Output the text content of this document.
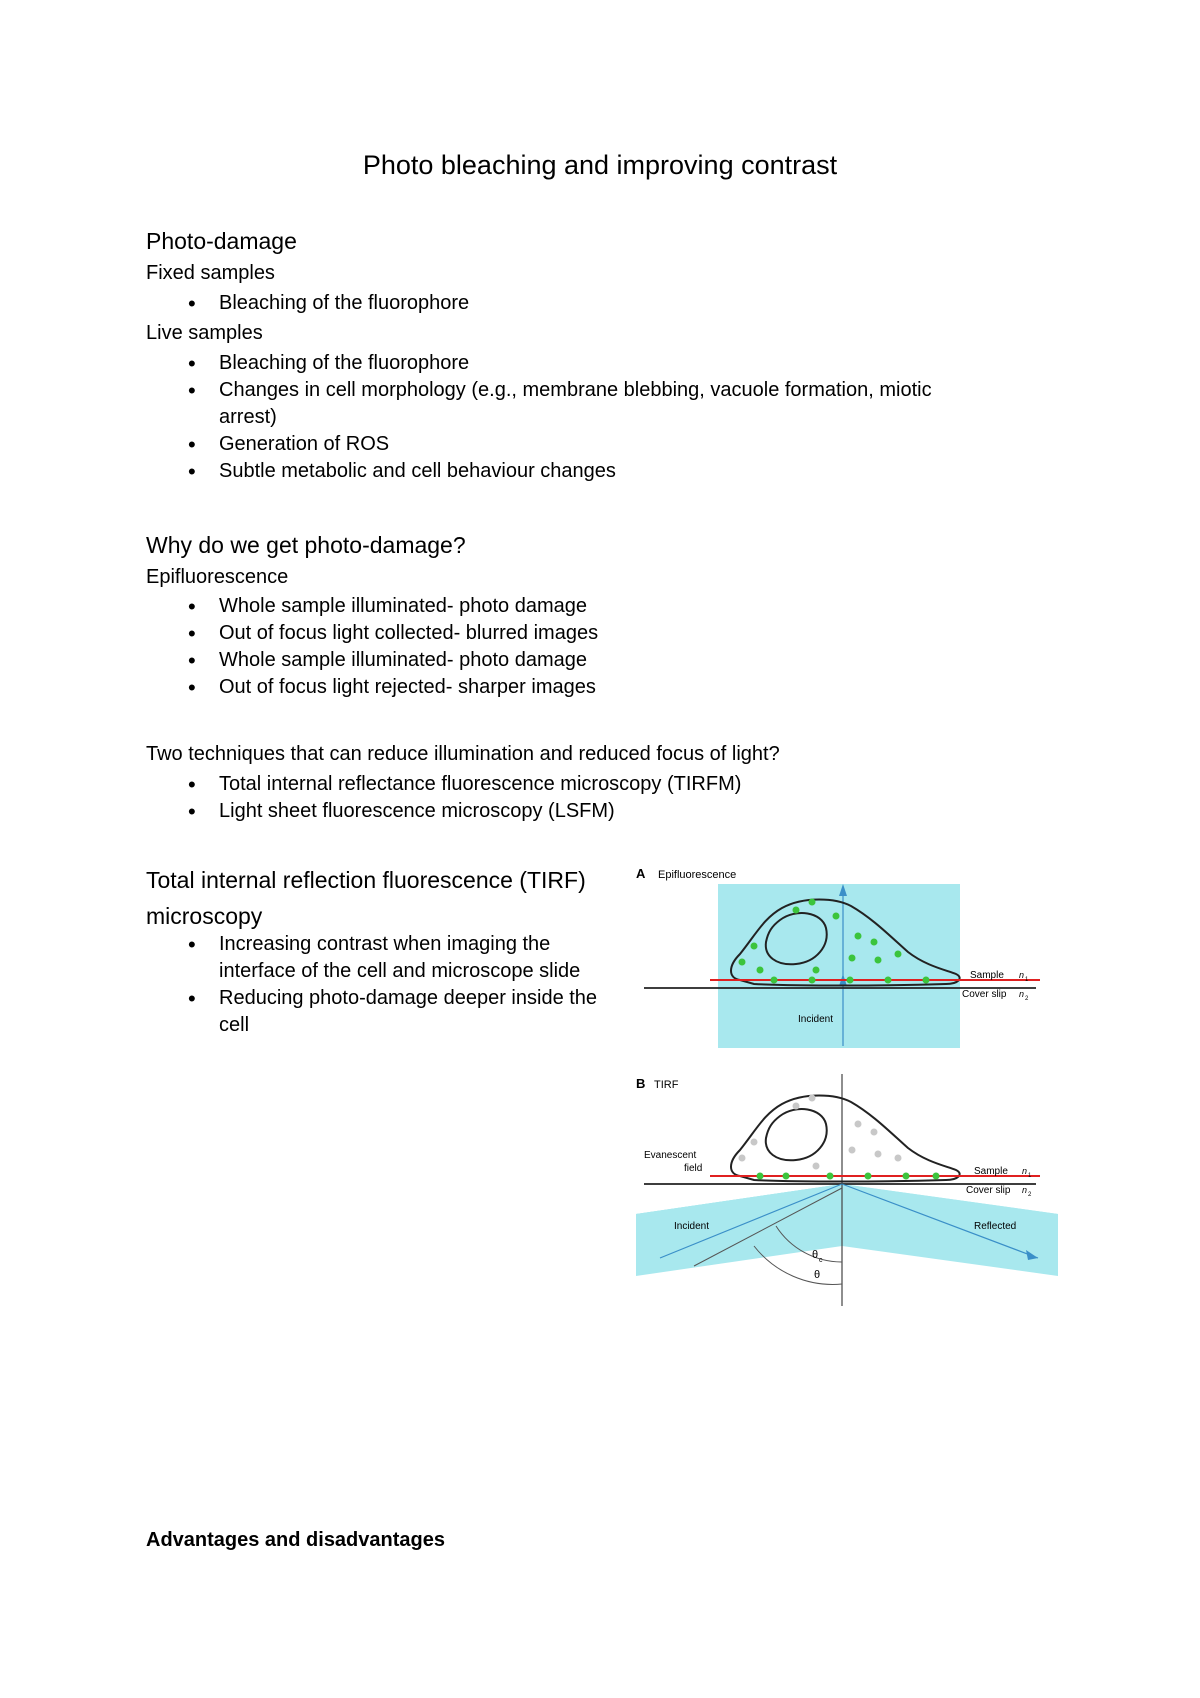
Photo bleaching and improving contrast
Photo-damage
Fixed samples
• Bleaching of the fluorophore
Live samples
• Bleaching of the fluorophore
• Changes in cell morphology (e.g., membrane blebbing, vacuole formation, miotic arrest)
• Generation of ROS
• Subtle metabolic and cell behaviour changes
Why do we get photo-damage?
Epifluorescence
• Whole sample illuminated- photo damage
• Out of focus light collected- blurred images
• Whole sample illuminated- photo damage
• Out of focus light rejected- sharper images
Two techniques that can reduce illumination and reduced focus of light?
• Total internal reflectance fluorescence microscopy (TIRFM)
• Light sheet fluorescence microscopy (LSFM)
Total internal reflection fluorescence (TIRF) microscopy
• Increasing contrast when imaging the interface of the cell and microscope slide
• Reducing photo-damage deeper inside the cell
A Epifluorescence
Sample n 1
Cover slip n 2
Incident
B TIRF
θ c
θ
Evanescent
field	Sample n 1
Cover slip n 2
Incident	Reflected
Advantages and disadvantages
